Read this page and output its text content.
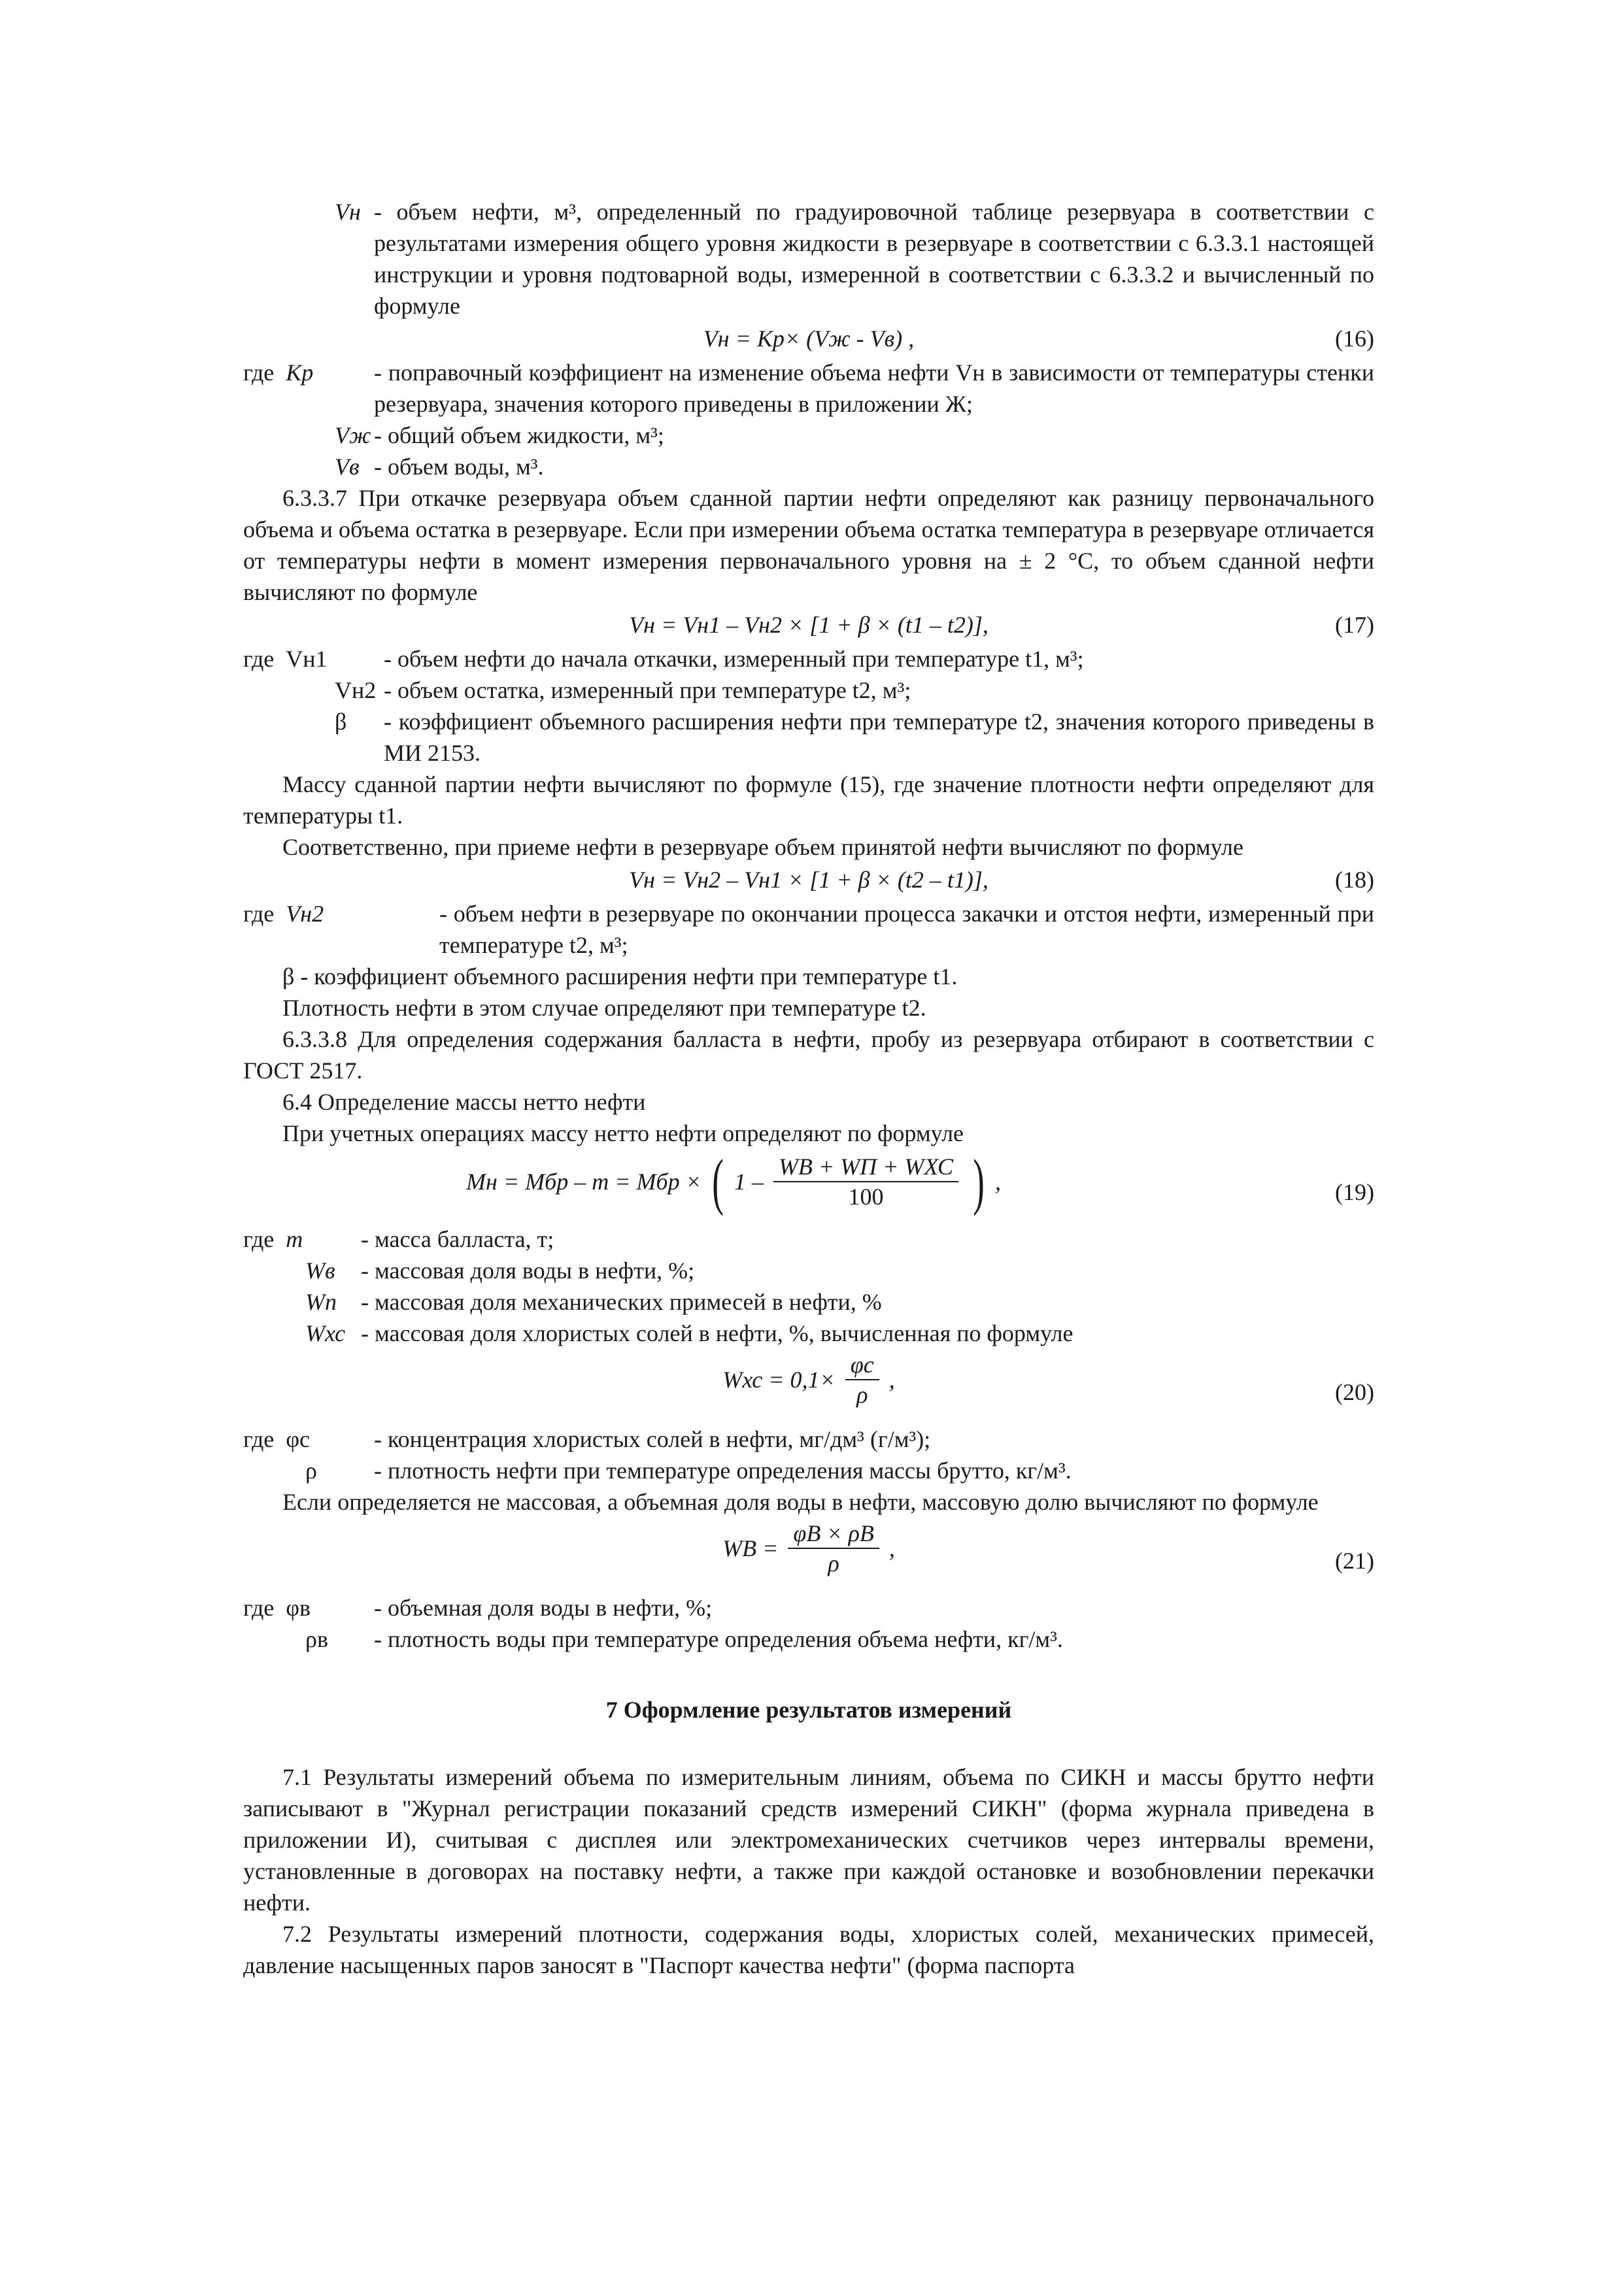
Vн - объем нефти, м³, определенный по градуировочной таблице резервуара в соответствии с результатами измерения общего уровня жидкости в резервуаре в соответствии с 6.3.3.1 настоящей инструкции и уровня подтоварной воды, измеренной в соответствии с 6.3.3.2 и вычисленный по формуле
Vн = Kр× (Vж - Vв) ,	(16)
где Kр	- поправочный коэффициент на изменение объема нефти Vн в зависимости от температуры стенки резервуара, значения которого приведены в приложении Ж;
Vж - общий объем жидкости, м³;
Vв - объем воды, м³.

6.3.3.7 При откачке резервуара объем сданной партии нефти определяют как разницу первоначального объема и объема остатка в резервуаре. Если при измерении объема остатка температура в резервуаре отличается от температуры нефти в момент измерения первоначального уровня на ± 2 °С, то объем сданной нефти вычисляют по формуле

Vн = Vн1 – Vн2 × [1 + β × (t1 – t2)],	(17)
где Vн1	- объем нефти до начала откачки, измеренный при температуре t1, м³;
Vн2 - объем остатка, измеренный при температуре t2, м³;
β	- коэффициент объемного расширения нефти при температуре t2, значения которого приведены в МИ 2153.

Массу сданной партии нефти вычисляют по формуле (15), где значение плотности нефти определяют для температуры t1.

Соответственно, при приеме нефти в резервуаре объем принятой нефти вычисляют по формуле

Vн = Vн2 – Vн1 × [1 + β × (t2 – t1)],	(18)
где Vн2	- объем нефти в резервуаре по окончании процесса закачки и отстоя нефти, измеренный при температуре t2, м³;

β - коэффициент объемного расширения нефти при температуре t1.

Плотность нефти в этом случае определяют при температуре t2.

6.3.3.8 Для определения содержания балласта в нефти, пробу из резервуара отбирают в соответствии с ГОСТ 2517.

6.4 Определение массы нетто нефти

При учетных операциях массу нетто нефти определяют по формуле

Mн = Mбр – m = Mбр × ( $1 - \frac{\text{WB + WП + WХС}}{100}$ ) ,	(19)
где m	- масса балласта, т;
Wв	- массовая доля воды в нефти, %;
Wп	- массовая доля механических примесей в нефти, %
Wхс - массовая доля хлористых солей в нефти, %, вычисленная по формуле
Wхс = $0,1\times \frac{\varphi c}{\rho}$ ,	(20)
где φc	- концентрация хлористых солей в нефти, мг/дм³ (г/м³);
ρ	- плотность нефти при температуре определения массы брутто, кг/м³.

Если определяется не массовая, а объемная доля воды в нефти, массовую долю вычисляют по формуле

WB = $\frac{\varphi B \times \rho B}{\rho}$ ,	(21)
где φв	- объемная доля воды в нефти, %;
ρв	- плотность воды при температуре определения объема нефти, кг/м³.
7 Оформление результатов измерений

7.1 Результаты измерений объема по измерительным линиям, объема по СИКН и массы брутто нефти записывают в "Журнал регистрации показаний средств измерений СИКН" (форма журнала приведена в приложении И), считывая с дисплея или электромеханических счетчиков через интервалы времени, установленные в договорах на поставку нефти, а также при каждой остановке и возобновлении перекачки нефти.

7.2 Результаты измерений плотности, содержания воды, хлористых солей, механических примесей, давление насыщенных паров заносят в "Паспорт качества нефти" (форма паспорта
